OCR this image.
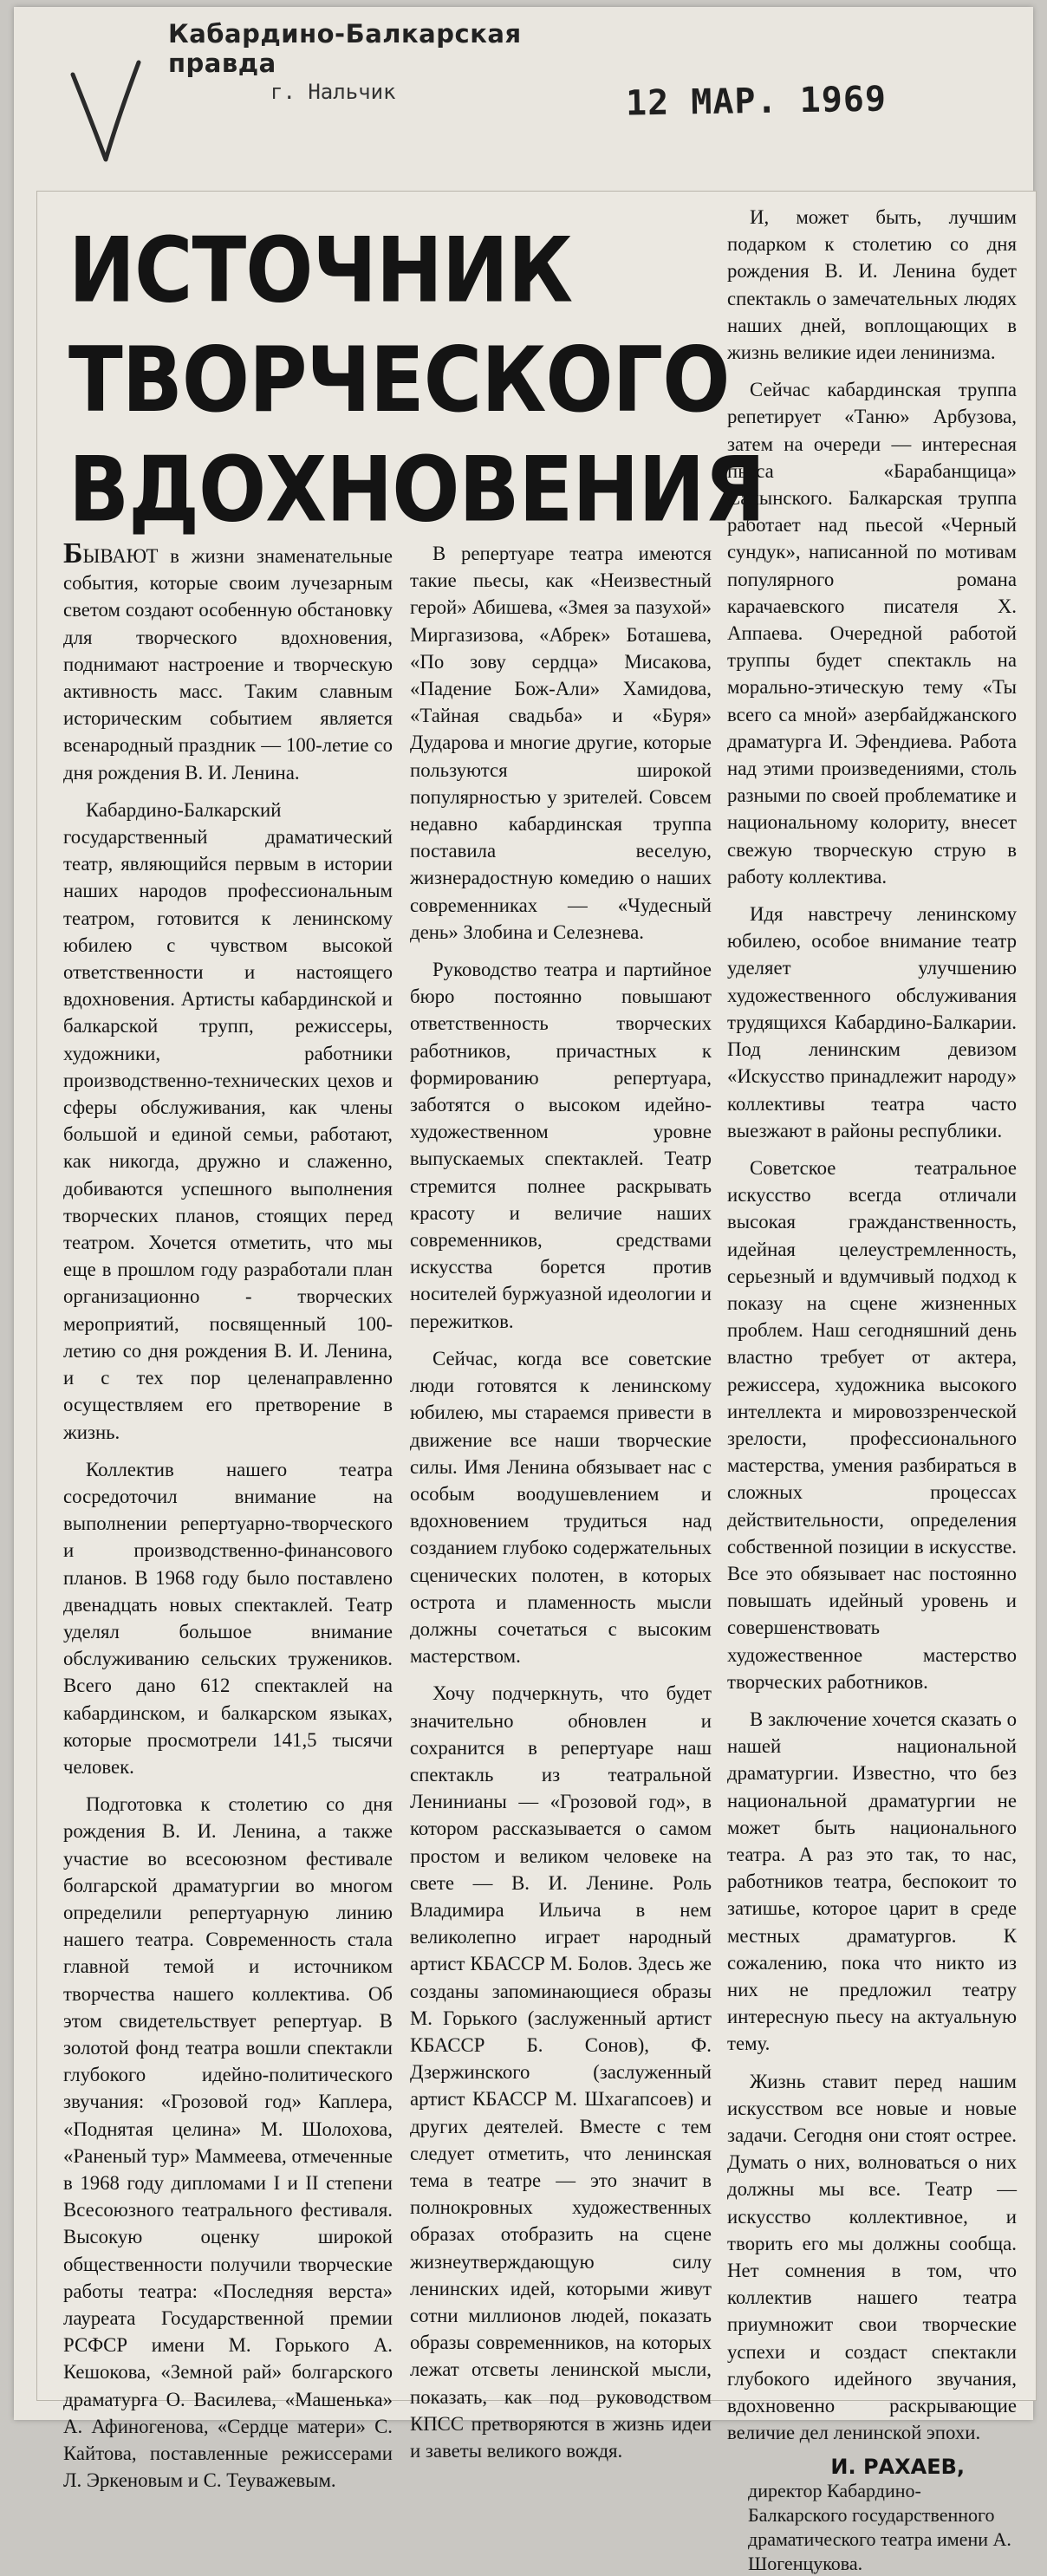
Кабардино-Балкарская правда
г. Нальчик	12 МАР. 1969
ИСТОЧНИК
ТВОРЧЕСКОГО
ВДОХНОВЕНИЯ

БЫВАЮТ в жизни знаменательные события, которые своим лучезарным светом создают особенную обстановку для творческого вдохновения, поднимают настроение и творческую активность масс. Таким славным историческим событием является всенародный праздник — 100-летие со дня рождения В. И. Ленина.

Кабардино-Балкарский государственный драматический театр, являющийся первым в истории наших народов профессиональным театром, готовится к ленинскому юбилею с чувством высокой ответственности и настоящего вдохновения. Артисты кабардинской и балкарской трупп, режиссеры, художники, работники производственно-технических цехов и сферы обслуживания, как члены большой и единой семьи, работают, как никогда, дружно и слаженно, добиваются успешного выполнения творческих планов, стоящих перед театром. Хочется отметить, что мы еще в прошлом году разработали план организационно - творческих мероприятий, посвященный 100-летию со дня рождения В. И. Ленина, и с тех пор целенаправленно осуществляем его претворение в жизнь.

Коллектив нашего театра сосредоточил внимание на выполнении репертуарно-творческого и производственно-финансового планов. В 1968 году было поставлено двенадцать новых спектаклей. Театр уделял большое внимание обслуживанию сельских тружеников. Всего дано 612 спектаклей на кабардинском, и балкарском языках, которые просмотрели 141,5 тысячи человек.

Подготовка к столетию со дня рождения В. И. Ленина, а также участие во всесоюзном фестивале болгарской драматургии во многом определили репертуарную линию нашего театра. Современность стала главной темой и источником творчества нашего коллектива. Об этом свидетельствует репертуар. В золотой фонд театра вошли спектакли глубокого идейно-политического звучания: «Грозовой год» Каплера, «Поднятая целина» М. Шолохова, «Раненый тур» Маммеева, отмеченные в 1968 году дипломами I и II степени Всесоюзного театрального фестиваля. Высокую оценку широкой общественности получили творческие работы театра: «Последняя верста» лауреата Государственной премии РСФСР имени М. Горького А. Кешокова, «Земной рай» болгарского драматурга О. Василева, «Машенька» А. Афиногенова, «Сердце матери» С. Кайтова, поставленные режиссерами Л. Эркеновым и С. Теуважевым.

В репертуаре театра имеются такие пьесы, как «Неизвестный герой» Абишева, «Змея за пазухой» Миргазизова, «Абрек» Боташева, «По зову сердца» Мисакова, «Падение Бож-Али» Хамидова, «Тайная свадьба» и «Буря» Дударова и многие другие, которые пользуются широкой популярностью у зрителей. Совсем недавно кабардинская труппа поставила веселую, жизнерадостную комедию о наших современниках — «Чудесный день» Злобина и Селезнева.

Руководство театра и партийное бюро постоянно повышают ответственность творческих работников, причастных к формированию репертуара, заботятся о высоком идейно-художественном уровне выпускаемых спектаклей. Театр стремится полнее раскрывать красоту и величие наших современников, средствами искусства борется против носителей буржуазной идеологии и пережитков.

Сейчас, когда все советские люди готовятся к ленинскому юбилею, мы стараемся привести в движение все наши творческие силы. Имя Ленина обязывает нас с особым воодушевлением и вдохновением трудиться над созданием глубоко содержательных сценических полотен, в которых острота и пламенность мысли должны сочетаться с высоким мастерством.

Хочу подчеркнуть, что будет значительно обновлен и сохранится в репертуаре наш спектакль из театральной Ленинианы — «Грозовой год», в котором рассказывается о самом простом и великом человеке на свете — В. И. Ленине. Роль Владимира Ильича в нем великолепно играет народный артист КБАССР М. Болов. Здесь же созданы запоминающиеся образы М. Горького (заслуженный артист КБАССР Б. Сонов), Ф. Дзержинского (заслуженный артист КБАССР М. Шхагапсоев) и других деятелей. Вместе с тем следует отметить, что ленинская тема в театре — это значит в полнокровных художественных образах отобразить на сцене жизнеутверждающую силу ленинских идей, которыми живут сотни миллионов людей, показать образы современников, на которых лежат отсветы ленинской мысли, показать, как под руководством КПСС претворяются в жизнь идеи и заветы великого вождя.

И, может быть, лучшим подарком к столетию со дня рождения В. И. Ленина будет спектакль о замечательных людях наших дней, воплощающих в жизнь великие идеи ленинизма.

Сейчас кабардинская труппа репетирует «Таню» Арбузова, затем на очереди — интересная пьеса «Барабанщица» Салынского. Балкарская труппа работает над пьесой «Черный сундук», написанной по мотивам популярного романа карачаевского писателя Х. Аппаева. Очередной работой труппы будет спектакль на морально-этическую тему «Ты всего са мной» азербайджанского драматурга И. Эфендиева. Работа над этими произведениями, столь разными по своей проблематике и национальному колориту, внесет свежую творческую струю в работу коллектива.

Идя навстречу ленинскому юбилею, особое внимание театр уделяет улучшению художественного обслуживания трудящихся Кабардино-Балкарии. Под ленинским девизом «Искусство принадлежит народу» коллективы театра часто выезжают в районы республики.

Советское театральное искусство всегда отличали высокая гражданственность, идейная целеустремленность, серьезный и вдумчивый подход к показу на сцене жизненных проблем. Наш сегодняшний день властно требует от актера, режиссера, художника высокого интеллекта и мировоззренческой зрелости, профессионального мастерства, умения разбираться в сложных процессах действительности, определения собственной позиции в искусстве. Все это обязывает нас постоянно повышать идейный уровень и совершенствовать художественное мастерство творческих работников.

В заключение хочется сказать о нашей национальной драматургии. Известно, что без национальной драматургии не может быть национального театра. А раз это так, то нас, работников театра, беспокоит то затишье, которое царит в среде местных драматургов. К сожалению, пока что никто из них не предложил театру интересную пьесу на актуальную тему.

Жизнь ставит перед нашим искусством все новые и новые задачи. Сегодня они стоят острее. Думать о них, волноваться о них должны мы все. Театр — искусство коллективное, и творить его мы должны сообща. Нет сомнения в том, что коллектив нашего театра приумножит свои творческие успехи и создаст спектакли глубокого идейного звучания, вдохновенно раскрывающие величие дел ленинской эпохи.

И. РАХАЕВ,
директор Кабардино-Балкарского государственного драматического театра имени А. Шогенцукова.
